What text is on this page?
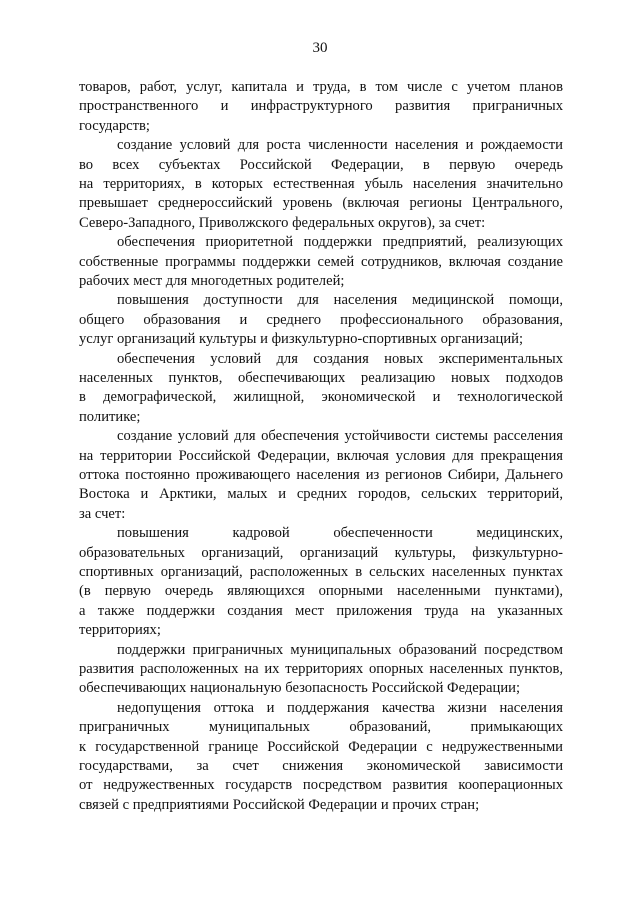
30
товаров, работ, услуг, капитала и труда, в том числе с учетом планов
пространственного и инфраструктурного развития приграничных
государств;
создание условий для роста численности населения и рождаемости
во всех субъектах Российской Федерации, в первую очередь
на территориях, в которых естественная убыль населения значительно
превышает среднероссийский уровень (включая регионы Центрального,
Северо-Западного, Приволжского федеральных округов), за счет:
обеспечения приоритетной поддержки предприятий, реализующих
собственные программы поддержки семей сотрудников, включая создание
рабочих мест для многодетных родителей;
повышения доступности для населения медицинской помощи,
общего образования и среднего профессионального образования,
услуг организаций культуры и физкультурно-спортивных организаций;
обеспечения условий для создания новых экспериментальных
населенных пунктов, обеспечивающих реализацию новых подходов
в демографической, жилищной, экономической и технологической
политике;
создание условий для обеспечения устойчивости системы расселения
на территории Российской Федерации, включая условия для прекращения
оттока постоянно проживающего населения из регионов Сибири, Дальнего
Востока и Арктики, малых и средних городов, сельских территорий,
за счет:
повышения кадровой обеспеченности медицинских,
образовательных организаций, организаций культуры, физкультурно-
спортивных организаций, расположенных в сельских населенных пунктах
(в первую очередь являющихся опорными населенными пунктами),
а также поддержки создания мест приложения труда на указанных
территориях;
поддержки приграничных муниципальных образований посредством
развития расположенных на их территориях опорных населенных пунктов,
обеспечивающих национальную безопасность Российской Федерации;
недопущения оттока и поддержания качества жизни населения
приграничных муниципальных образований, примыкающих
к государственной границе Российской Федерации с недружественными
государствами, за счет снижения экономической зависимости
от недружественных государств посредством развития кооперационных
связей с предприятиями Российской Федерации и прочих стран;
